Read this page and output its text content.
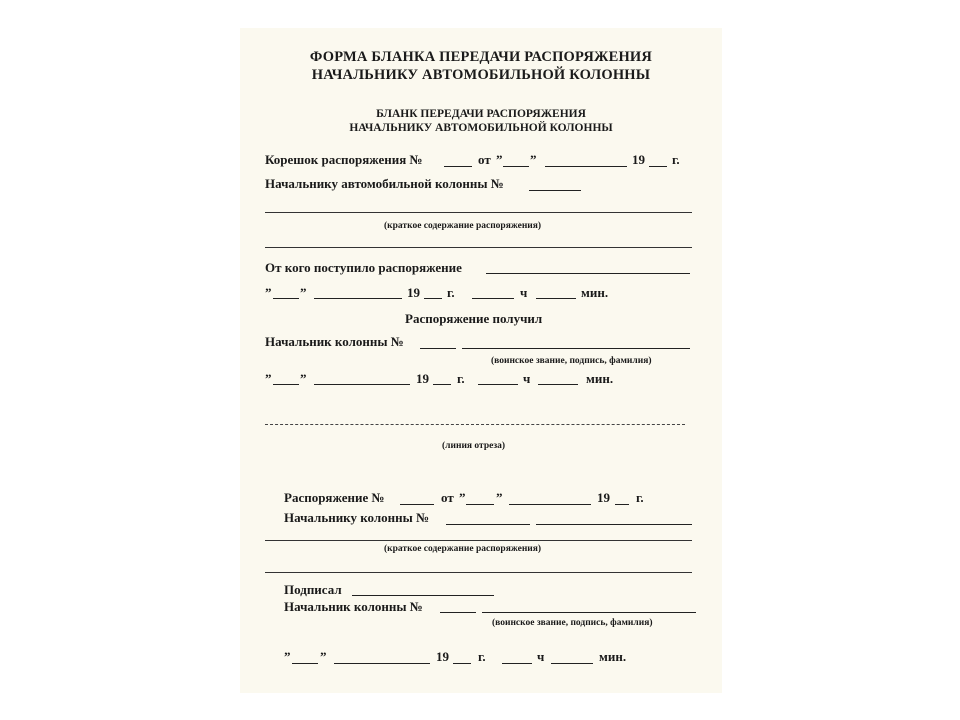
ФОРМА БЛАНКА ПЕРЕДАЧИ РАСПОРЯЖЕНИЯ
НАЧАЛЬНИКУ АВТОМОБИЛЬНОЙ КОЛОННЫ
БЛАНК ПЕРЕДАЧИ РАСПОРЯЖЕНИЯ
НАЧАЛЬНИКУ АВТОМОБИЛЬНОЙ КОЛОННЫ
Корешок распоряжения №	от ” ”	19 г.
Начальнику автомобильной колонны №
(краткое содержание распоряжения)
От кого поступило распоряжение
” ”	19 г.	ч	мин.
Распоряжение получил
Начальник колонны №
(воинское звание, подпись, фамилия)
” ”	19 г.	ч	мин.
(линия отреза)
Распоряжение №	от ” ”	19 г.
Начальнику колонны №
(краткое содержание распоряжения)
Подписал
Начальник колонны №
(воинское звание, подпись, фамилия)
” ”	19 г.	ч	мин.
